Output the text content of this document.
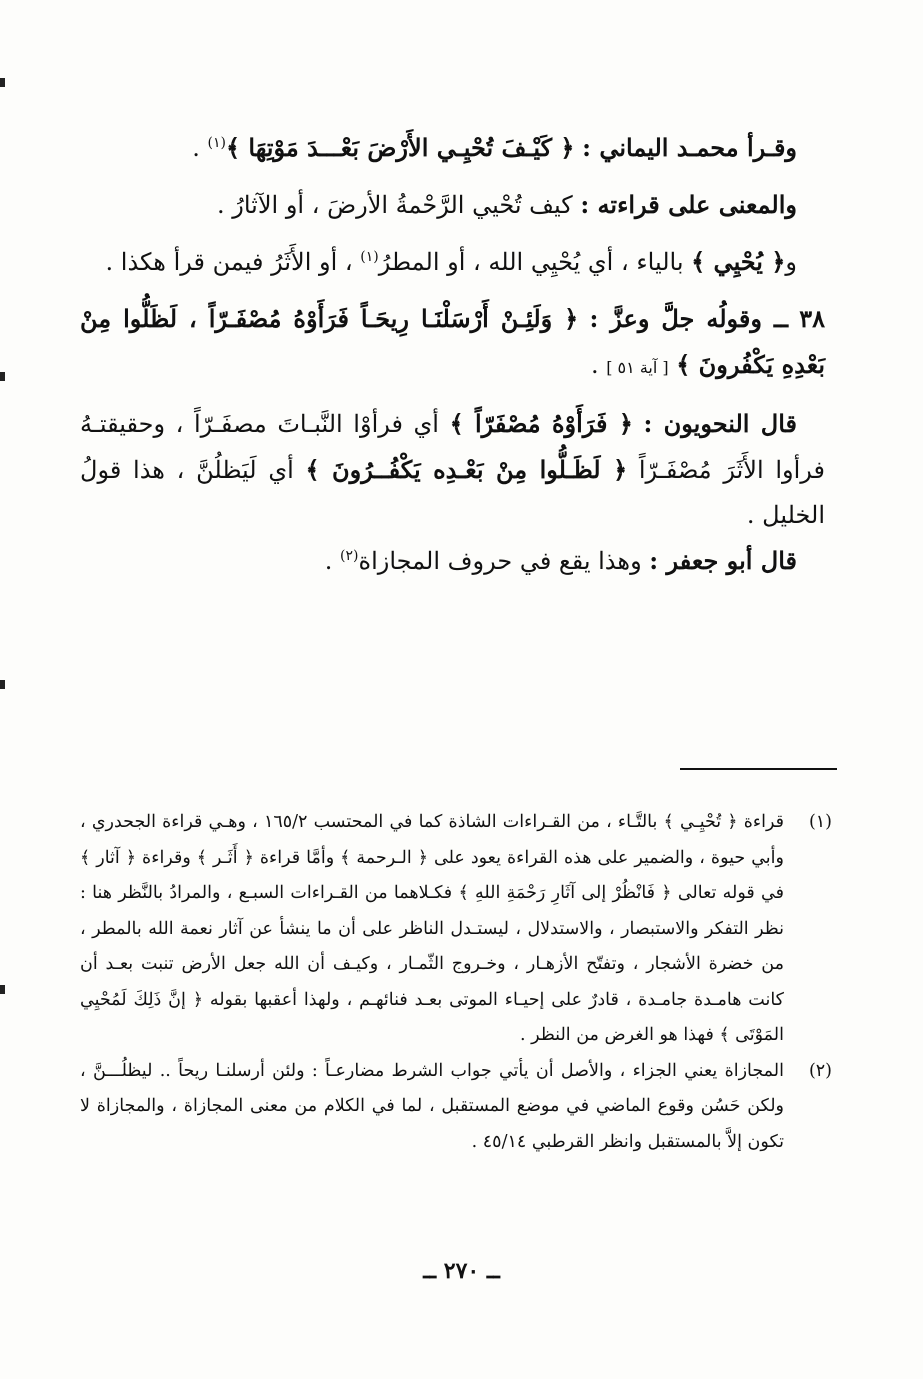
وقـرأ محمـد اليماني : ﴿ كَيْـفَ تُحْيِـي الأَرْضَ بَعْـــدَ مَوْتِهَا ﴾$^{(١)}$ .

والمعنى على قراءته : كيف تُحْيي الرَّحْمةُ الأرضَ ، أو الآثارُ .

و﴿ يُحْيِي ﴾ بالياء ، أي يُحْيِي الله ، أو المطرُ$^{(١)}$ ، أو الأَثَرُ فيمن قرأ هكذا .

٣٨ ــ وقولُه جلَّ وعزَّ : ﴿ وَلَئِـنْ أَرْسَلْنَـا رِيحَـاً فَرَأَوْهُ مُصْفَـرّاً ، لَظَلُّوا مِنْ بَعْدِهِ يَكْفُرونَ ﴾ [ آية ٥١ ] .

قال النحويون : ﴿ فَرَأَوْهُ مُصْفَرّاً ﴾ أي فرأوْا النَّبـاتَ مصفَـرّاً ، وحقيقتـهُ فرأوا الأَثَرَ مُصْفَـرّاً ﴿ لَظَـلُّوا مِنْ بَعْـدِه يَكْفُــرُونَ ﴾ أي لَيَظلُنَّ ، هذا قولُ الخليل .

قال أبو جعفر : وهذا يقع في حروف المجازاة$^{(٢)}$ .

(١)
قراءة ﴿ تُحْيِـي ﴾ بالتَّـاء ، من القـراءات الشاذة كما في المحتسب ١٦٥/٢ ، وهـي قراءة الجحدري ، وأبي حيوة ، والضمير على هذه القراءة يعود على ﴿ الـرحمة ﴾ وأمَّا قراءة ﴿ أَثَـر ﴾ وقراءة ﴿ آثار ﴾ في قوله تعالى ﴿ فَانْظُرْ إلى آثَارِ رَحْمَةِ اللهِ ﴾ فكـلاهما من القـراءات السبـع ، والمرادُ بالنَّظر هنا : نظر التفكر والاستبصار ، والاستدلال ، ليستـدل الناظر على أن ما ينشأ عن آثار نعمة الله بالمطر ، من خضرة الأشجار ، وتفتّح الأزهـار ، وخـروج الثّمـار ، وكيـف أن الله جعل الأرض تنبت بعـد أن كانت هامـدة جامـدة ، قادرٌ على إحيـاء الموتى بعـد فنائهـم ، ولهذا أعقبها بقوله ﴿ إنَّ ذَلِكَ لَمُحْيِي المَوْتَى ﴾ فهذا هو الغرض من النظر .

(٢)
المجازاة يعني الجزاء ، والأصل أن يأتي جواب الشرط مضارعـاً : ولئن أرسلنـا ريحاً .. ليظلُـــنَّ ، ولكن حَسُن وقوع الماضي في موضع المستقبل ، لما في الكلام من معنى المجازاة ، والمجازاة لا تكون إلاَّ بالمستقبل وانظر القرطبي ٤٥/١٤ .

ــ ٢٧٠ ــ
